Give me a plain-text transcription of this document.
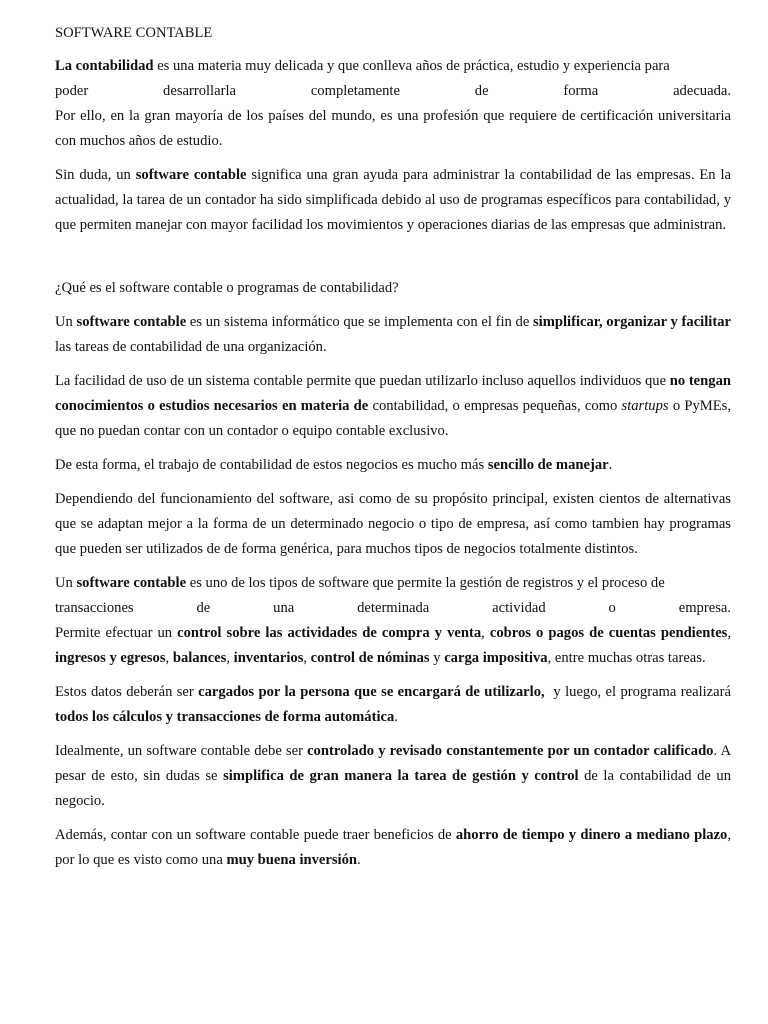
SOFTWARE CONTABLE

La contabilidad es una materia muy delicada y que conlleva años de práctica, estudio y experiencia para
poder desarrollarla completamente de forma adecuada.
Por ello, en la gran mayoría de los países del mundo, es una profesión que requiere de certificación universitaria con muchos años de estudio.

Sin duda, un software contable significa una gran ayuda para administrar la contabilidad de las empresas. En la actualidad, la tarea de un contador ha sido simplificada debido al uso de programas específicos para contabilidad, y que permiten manejar con mayor facilidad los movimientos y operaciones diarias de las empresas que administran.

¿Qué es el software contable o programas de contabilidad?

Un software contable es un sistema informático que se implementa con el fin de simplificar, organizar y facilitar las tareas de contabilidad de una organización.

La facilidad de uso de un sistema contable permite que puedan utilizarlo incluso aquellos individuos que no tengan conocimientos o estudios necesarios en materia de contabilidad, o empresas pequeñas, como startups o PyMEs, que no puedan contar con un contador o equipo contable exclusivo.

De esta forma, el trabajo de contabilidad de estos negocios es mucho más sencillo de manejar.

Dependiendo del funcionamiento del software, asi como de su propósito principal, existen cientos de alternativas que se adaptan mejor a la forma de un determinado negocio o tipo de empresa, así como tambien hay programas que pueden ser utilizados de de forma genérica, para muchos tipos de negocios totalmente distintos.

Un software contable es uno de los tipos de software que permite la gestión de registros y el proceso de
transacciones de una determinada actividad o empresa.
Permite efectuar un control sobre las actividades de compra y venta, cobros o pagos de cuentas pendientes, ingresos y egresos, balances, inventarios, control de nóminas y carga impositiva, entre muchas otras tareas.

Estos datos deberán ser cargados por la persona que se encargará de utilizarlo,  y luego, el programa realizará todos los cálculos y transacciones de forma automática.

Idealmente, un software contable debe ser controlado y revisado constantemente por un contador calificado. A pesar de esto, sin dudas se simplifica de gran manera la tarea de gestión y control de la contabilidad de un negocio.

Además, contar con un software contable puede traer beneficios de ahorro de tiempo y dinero a mediano plazo, por lo que es visto como una muy buena inversión.
